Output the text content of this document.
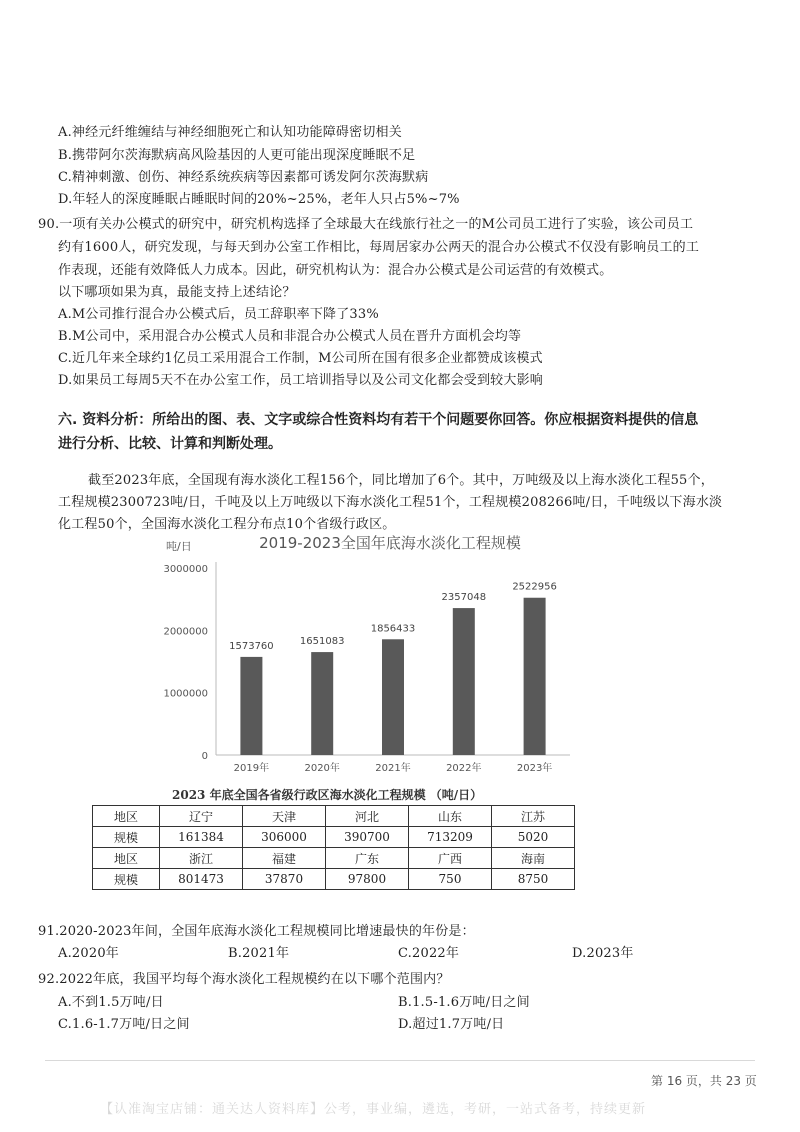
A.神经元纤维缠结与神经细胞死亡和认知功能障碍密切相关
B.携带阿尔茨海默病高风险基因的人更可能出现深度睡眠不足
C.精神刺激、创伤、神经系统疾病等因素都可诱发阿尔茨海默病
D.年轻人的深度睡眠占睡眠时间的20%~25%，老年人只占5%~7%
90.一项有关办公模式的研究中，研究机构选择了全球最大在线旅行社之一的M公司员工进行了实验，该公司员工
约有1600人，研究发现，与每天到办公室工作相比，每周居家办公两天的混合办公模式不仅没有影响员工的工
作表现，还能有效降低人力成本。因此，研究机构认为：混合办公模式是公司运营的有效模式。
以下哪项如果为真，最能支持上述结论？
A.M公司推行混合办公模式后，员工辞职率下降了33%
B.M公司中，采用混合办公模式人员和非混合办公模式人员在晋升方面机会均等
C.近几年来全球约1亿员工采用混合工作制，M公司所在国有很多企业都赞成该模式
D.如果员工每周5天不在办公室工作，员工培训指导以及公司文化都会受到较大影响
六. 资料分析：所给出的图、表、文字或综合性资料均有若干个问题要你回答。你应根据资料提供的信息
进行分析、比较、计算和判断处理。
截至2023年底，全国现有海水淡化工程156个，同比增加了6个。其中，万吨级及以上海水淡化工程55个，
工程规模2300723吨/日，千吨及以上万吨级以下海水淡化工程51个，工程规模208266吨/日，千吨级以下海水淡
化工程50个，全国海水淡化工程分布点10个省级行政区。
2019-2023全国年底海水淡化工程规模
吨/日
0
1000000
2000000
3000000
1573760
2019年
1651083
2020年
1856433
2021年
2357048
2022年
2522956
2023年
2023 年底全国各省级行政区海水淡化工程规模 （吨/日）
地区	辽宁	天津	河北	山东	江苏
规模	161384	306000	390700	713209	5020
地区	浙江	福建	广东	广西	海南
规模	801473	37870	97800	750	8750
91.2020-2023年间，全国年底海水淡化工程规模同比增速最快的年份是：
A.2020年	B.2021年	C.2022年	D.2023年
92.2022年底，我国平均每个海水淡化工程规模约在以下哪个范围内？
A.不到1.5万吨/日	B.1.5-1.6万吨/日之间
C.1.6-1.7万吨/日之间	D.超过1.7万吨/日
第 16 页，共 23 页
【认准淘宝店铺：通关达人资料库】公考，事业编，遴选，考研，一站式备考，持续更新
